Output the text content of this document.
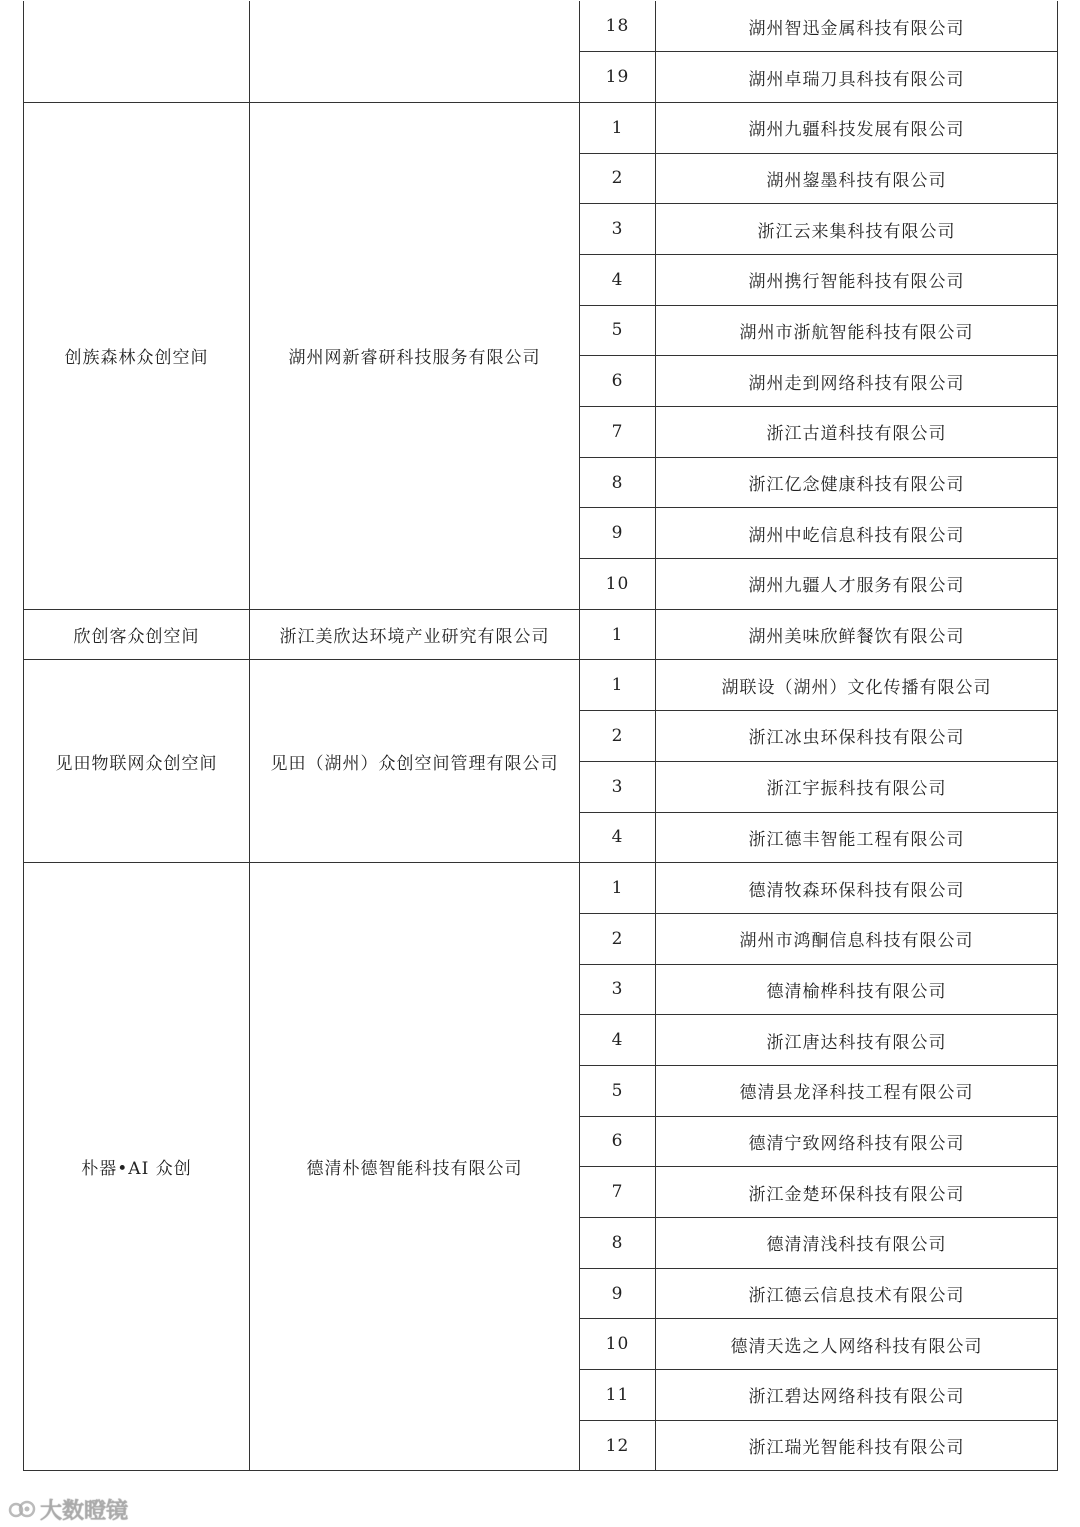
		18	湖州智迅金属科技有限公司
		19	湖州卓瑞刀具科技有限公司
创族森林众创空间	湖州网新睿研科技服务有限公司	1	湖州九疆科技发展有限公司
		2	湖州鋆墨科技有限公司
		3	浙江云来集科技有限公司
		4	湖州携行智能科技有限公司
		5	湖州市浙航智能科技有限公司
		6	湖州走到网络科技有限公司
		7	浙江古道科技有限公司
		8	浙江亿念健康科技有限公司
		9	湖州中屹信息科技有限公司
		10	湖州九疆人才服务有限公司
欣创客众创空间	浙江美欣达环境产业研究有限公司	1	湖州美味欣鲜餐饮有限公司
见田物联网众创空间	见田（湖州）众创空间管理有限公司	1	湖联设（湖州）文化传播有限公司
		2	浙江冰虫环保科技有限公司
		3	浙江宇振科技有限公司
		4	浙江德丰智能工程有限公司
朴器•AI 众创	德清朴德智能科技有限公司	1	德清牧森环保科技有限公司
		2	湖州市鸿酮信息科技有限公司
		3	德清榆桦科技有限公司
		4	浙江唐达科技有限公司
		5	德清县龙泽科技工程有限公司
		6	德清宁致网络科技有限公司
		7	浙江金楚环保科技有限公司
		8	德清清浅科技有限公司
		9	浙江德云信息技术有限公司
		10	德清天选之人网络科技有限公司
		11	浙江碧达网络科技有限公司
		12	浙江瑞光智能科技有限公司
大数瞪镜
